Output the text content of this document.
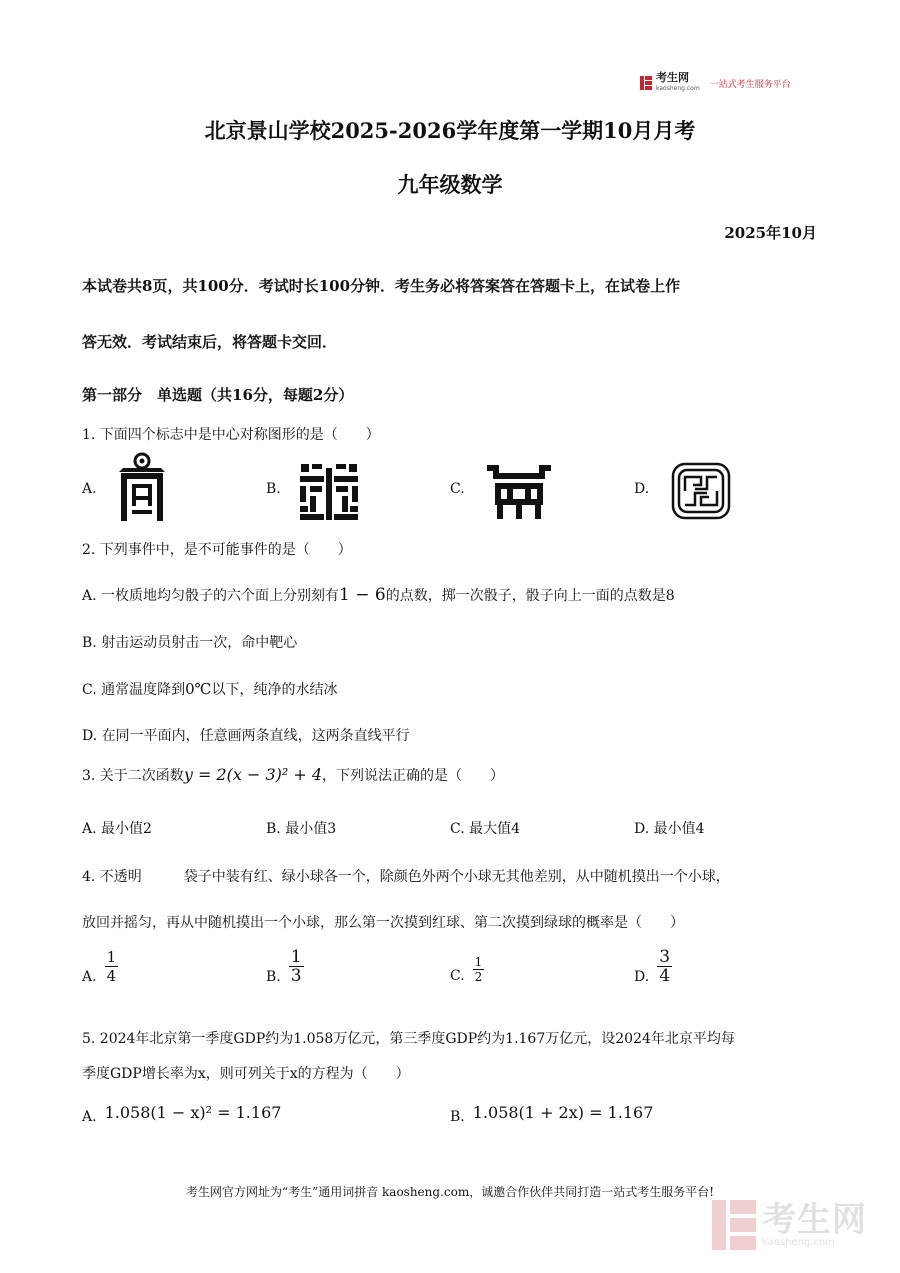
考生网
kaosheng.com 一站式考生服务平台
北京景山学校2025-2026学年度第一学期10月月考
九年级数学
2025年10月
本试卷共8页，共100分．考试时长100分钟．考生务必将答案答在答题卡上，在试卷上作
答无效．考试结束后，将答题卡交回．
第一部分　单选题（共16分，每题2分）
1. 下面四个标志中是中心对称图形的是（　　）
A.	B.	C.	D.
2. 下列事件中，是不可能事件的是（　　）
A. 一枚质地均匀骰子的六个面上分别刻有1 − 6的点数，掷一次骰子，骰子向上一面的点数是8
B. 射击运动员射击一次，命中靶心
C. 通常温度降到0℃以下，纯净的水结冰
D. 在同一平面内，任意画两条直线，这两条直线平行
3. 关于二次函数y = 2(x − 3)² + 4，下列说法正确的是（　　）
A. 最小值2	B. 最小值3	C. 最大值4	D. 最小值4
4. 不透明　　　袋子中装有红、绿小球各一个，除颜色外两个小球无其他差别，从中随机摸出一个小球，
放回并摇匀，再从中随机摸出一个小球，那么第一次摸到红球、第二次摸到绿球的概率是（　　）
A. $\frac{1}{4}$	B. $\frac{1}{3}$	C. $\frac{1}{2}$	D. $\frac{3}{4}$
5. 2024年北京第一季度GDP约为1.058万亿元，第三季度GDP约为1.167万亿元，设2024年北京平均每
季度GDP增长率为x，则可列关于x的方程为（　　）
A. 1.058(1 − x)² = 1.167	B. 1.058(1 + 2x) = 1.167
考生网官方网址为“考生”通用词拼音 kaosheng.com，诚邀合作伙伴共同打造一站式考生服务平台!
考生网
kaosheng.com
